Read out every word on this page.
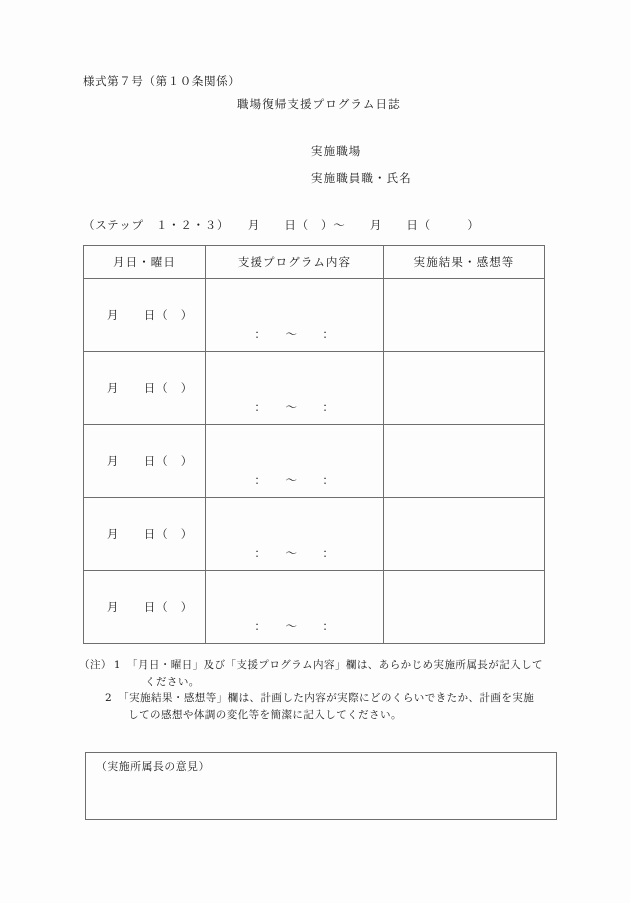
様式第７号（第１０条関係）
職場復帰支援プログラム日誌
実施職場
実施職員職・氏名
（ステップ　１・２・３）　　月　　日（　）～　　月　　日（　　　）
月日・曜日	支援プログラム内容	実施結果・感想等

月　　日（　）	：　　～　　：	

月　　日（　）	：　　～　　：	

月　　日（　）	：　　～　　：	

月　　日（　）	：　　～　　：	

月　　日（　）	：　　～　　：	

（注） 1 「月日・曜日」及び「支援プログラム内容」欄は、あらかじめ実施所属長が記入して
ください。
2 「実施結果・感想等」欄は、計画した内容が実際にどのくらいできたか、計画を実施
しての感想や体調の変化等を簡潔に記入してください。
（実施所属長の意見）
